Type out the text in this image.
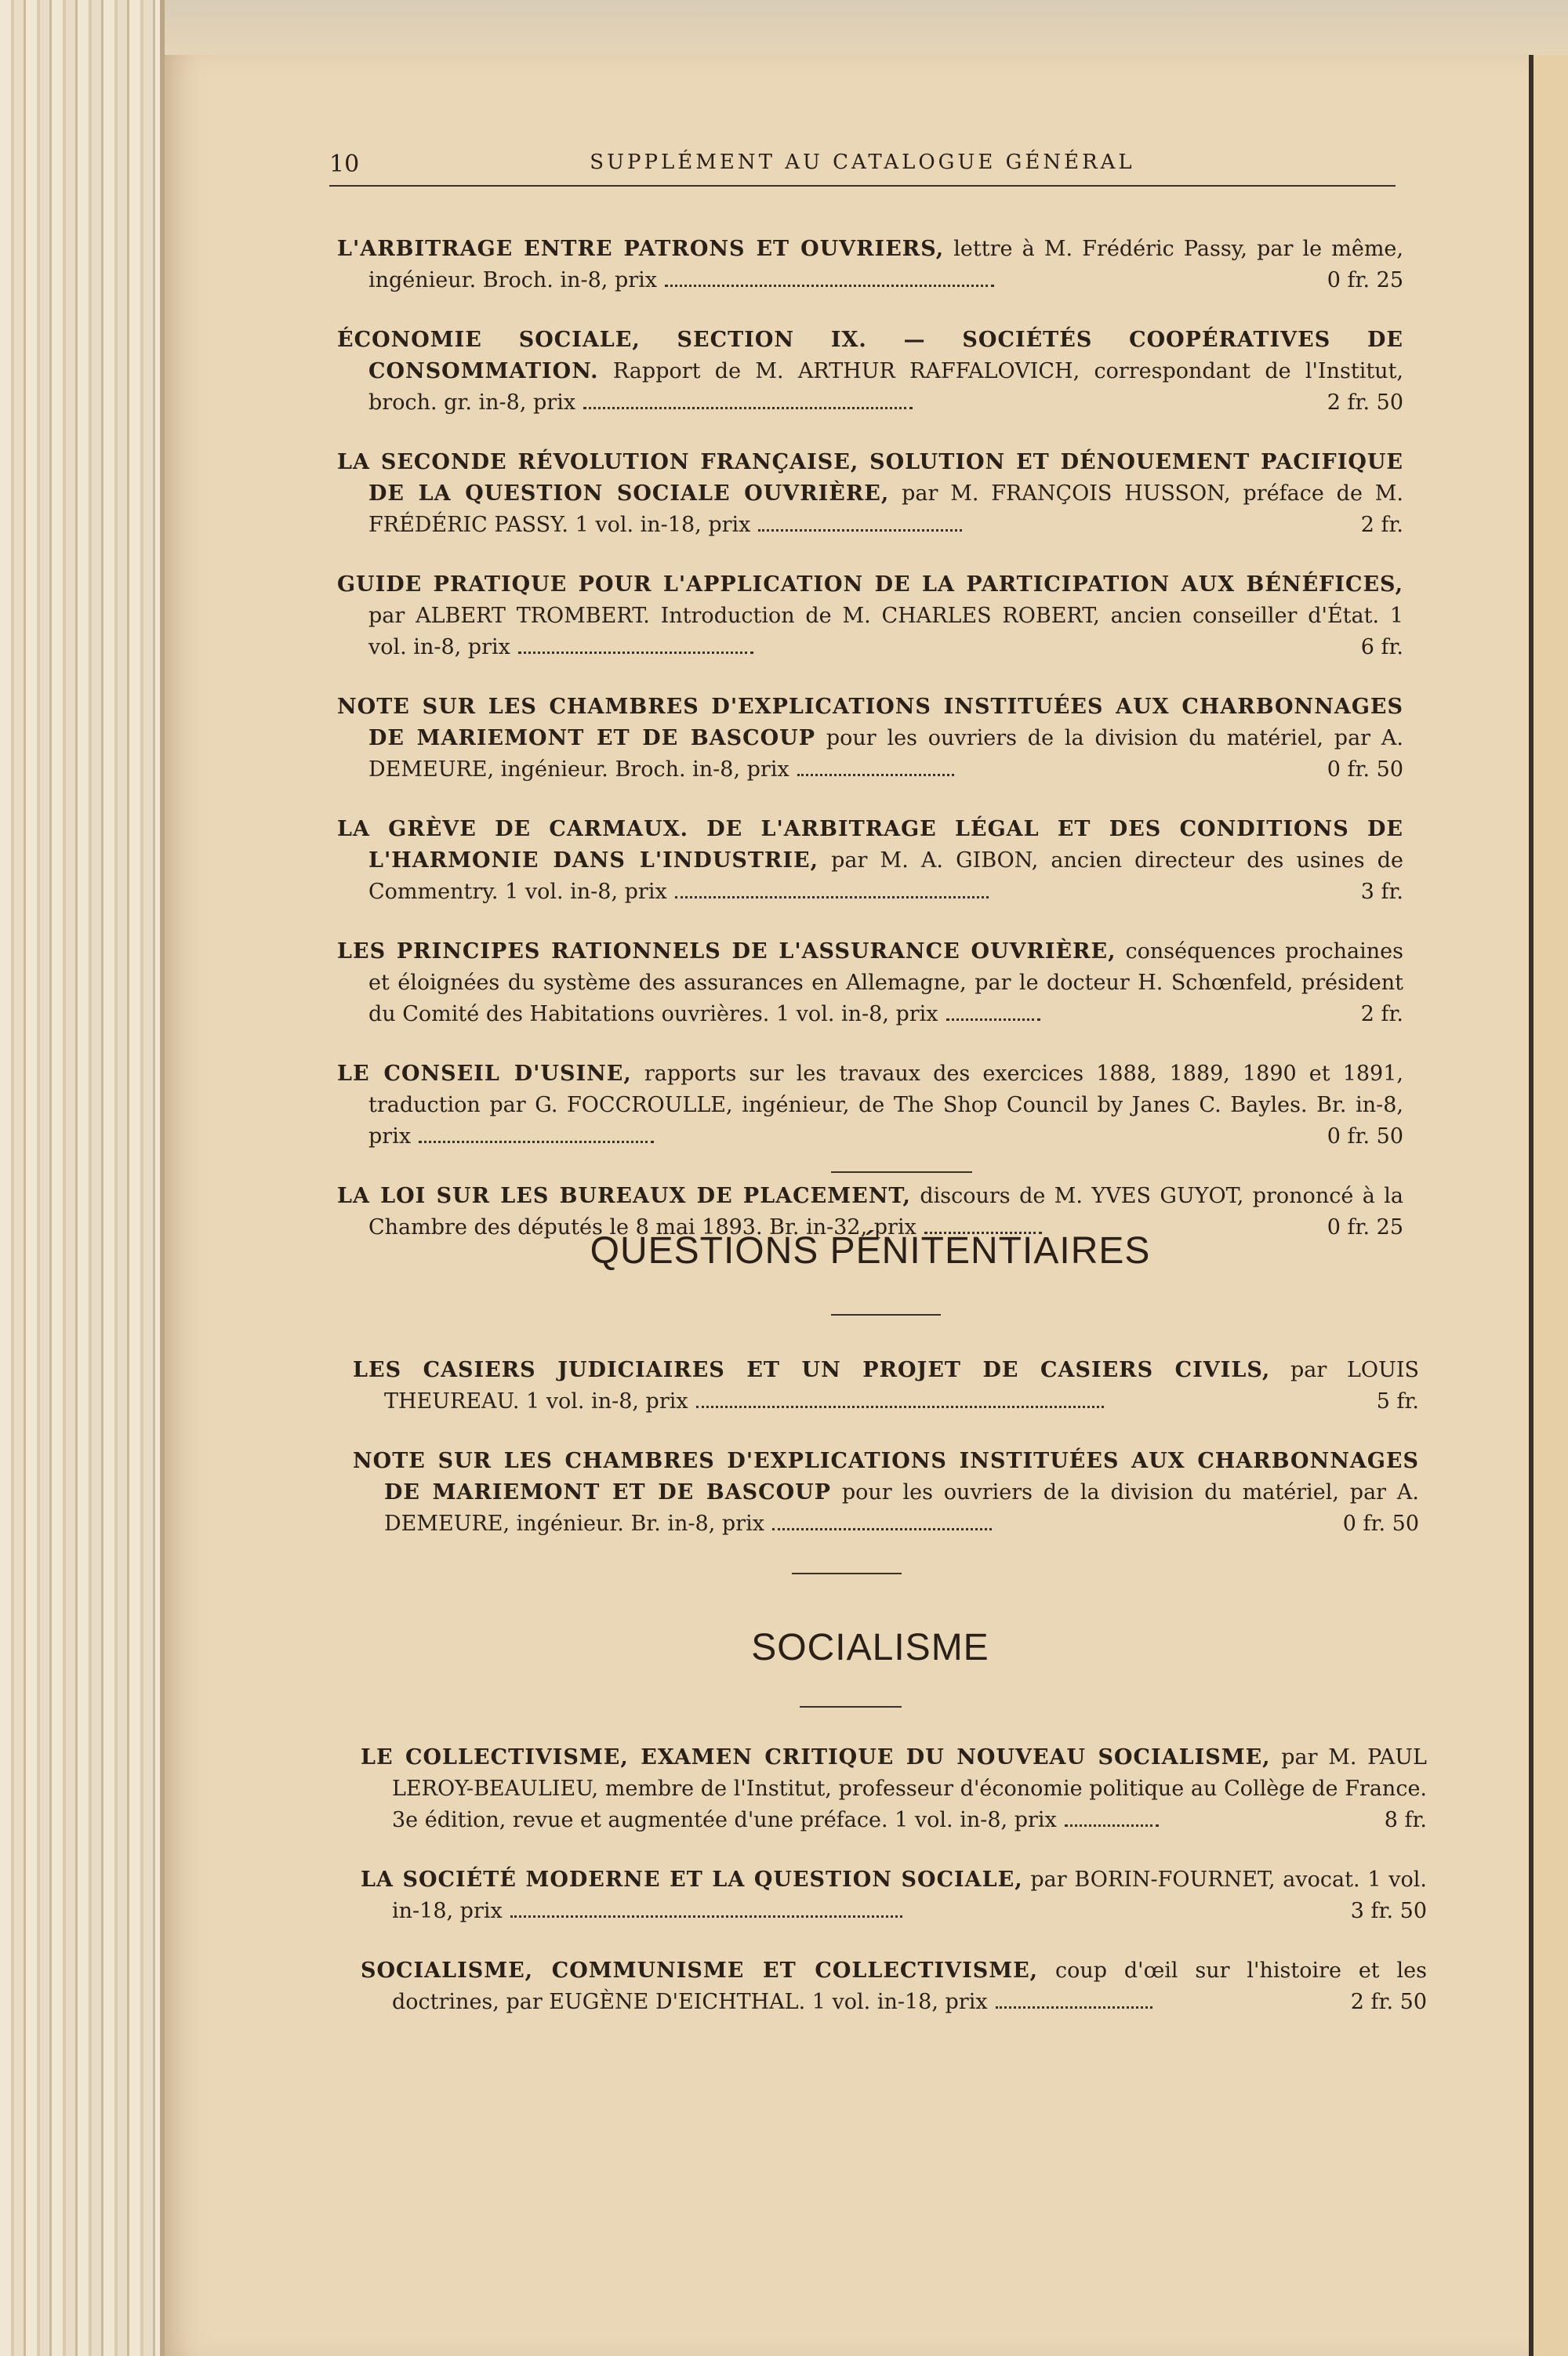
10	SUPPLÉMENT AU CATALOGUE GÉNÉRAL
L'ARBITRAGE ENTRE PATRONS ET OUVRIERS, lettre à M. Frédéric Passy, par le même, ingénieur. Broch. in-8, prix	0 fr. 25
ÉCONOMIE SOCIALE, SECTION IX. — SOCIÉTÉS COOPÉRATIVES DE CONSOMMATION. Rapport de M. ARTHUR RAFFALOVICH, correspondant de l'Institut, broch. gr. in-8, prix	2 fr. 50
LA SECONDE RÉVOLUTION FRANÇAISE, SOLUTION ET DÉNOUEMENT PACIFIQUE DE LA QUESTION SOCIALE OUVRIÈRE, par M. FRANÇOIS HUSSON, préface de M. FRÉDÉRIC PASSY. 1 vol. in-18, prix	2 fr.
GUIDE PRATIQUE POUR L'APPLICATION DE LA PARTICIPATION AUX BÉNÉFICES, par ALBERT TROMBERT. Introduction de M. CHARLES ROBERT, ancien conseiller d'État. 1 vol. in-8, prix	6 fr.
NOTE SUR LES CHAMBRES D'EXPLICATIONS INSTITUÉES AUX CHARBONNAGES DE MARIEMONT ET DE BASCOUP pour les ouvriers de la division du matériel, par A. DEMEURE, ingénieur. Broch. in-8, prix	0 fr. 50
LA GRÈVE DE CARMAUX. DE L'ARBITRAGE LÉGAL ET DES CONDITIONS DE L'HARMONIE DANS L'INDUSTRIE, par M. A. GIBON, ancien directeur des usines de Commentry. 1 vol. in-8, prix	3 fr.
LES PRINCIPES RATIONNELS DE L'ASSURANCE OUVRIÈRE, conséquences prochaines et éloignées du système des assurances en Allemagne, par le docteur H. Schœnfeld, président du Comité des Habitations ouvrières. 1 vol. in-8, prix	2 fr.
LE CONSEIL D'USINE, rapports sur les travaux des exercices 1888, 1889, 1890 et 1891, traduction par G. FOCCROULLE, ingénieur, de The Shop Council by Janes C. Bayles. Br. in-8, prix	0 fr. 50
LA LOI SUR LES BUREAUX DE PLACEMENT, discours de M. YVES GUYOT, prononcé à la Chambre des députés le 8 mai 1893. Br. in-32, prix	0 fr. 25
QUESTIONS PÉNITENTIAIRES
LES CASIERS JUDICIAIRES ET UN PROJET DE CASIERS CIVILS, par LOUIS THEUREAU. 1 vol. in-8, prix	5 fr.
NOTE SUR LES CHAMBRES D'EXPLICATIONS INSTITUÉES AUX CHARBONNAGES DE MARIEMONT ET DE BASCOUP pour les ouvriers de la division du matériel, par A. DEMEURE, ingénieur. Br. in-8, prix	0 fr. 50
SOCIALISME
LE COLLECTIVISME, EXAMEN CRITIQUE DU NOUVEAU SOCIALISME, par M. PAUL LEROY-BEAULIEU, membre de l'Institut, professeur d'économie politique au Collège de France. 3e édition, revue et augmentée d'une préface. 1 vol. in-8, prix	8 fr.
LA SOCIÉTÉ MODERNE ET LA QUESTION SOCIALE, par BORIN-FOURNET, avocat. 1 vol. in-18, prix	3 fr. 50
SOCIALISME, COMMUNISME ET COLLECTIVISME, coup d'œil sur l'histoire et les doctrines, par EUGÈNE D'EICHTHAL. 1 vol. in-18, prix	2 fr. 50
